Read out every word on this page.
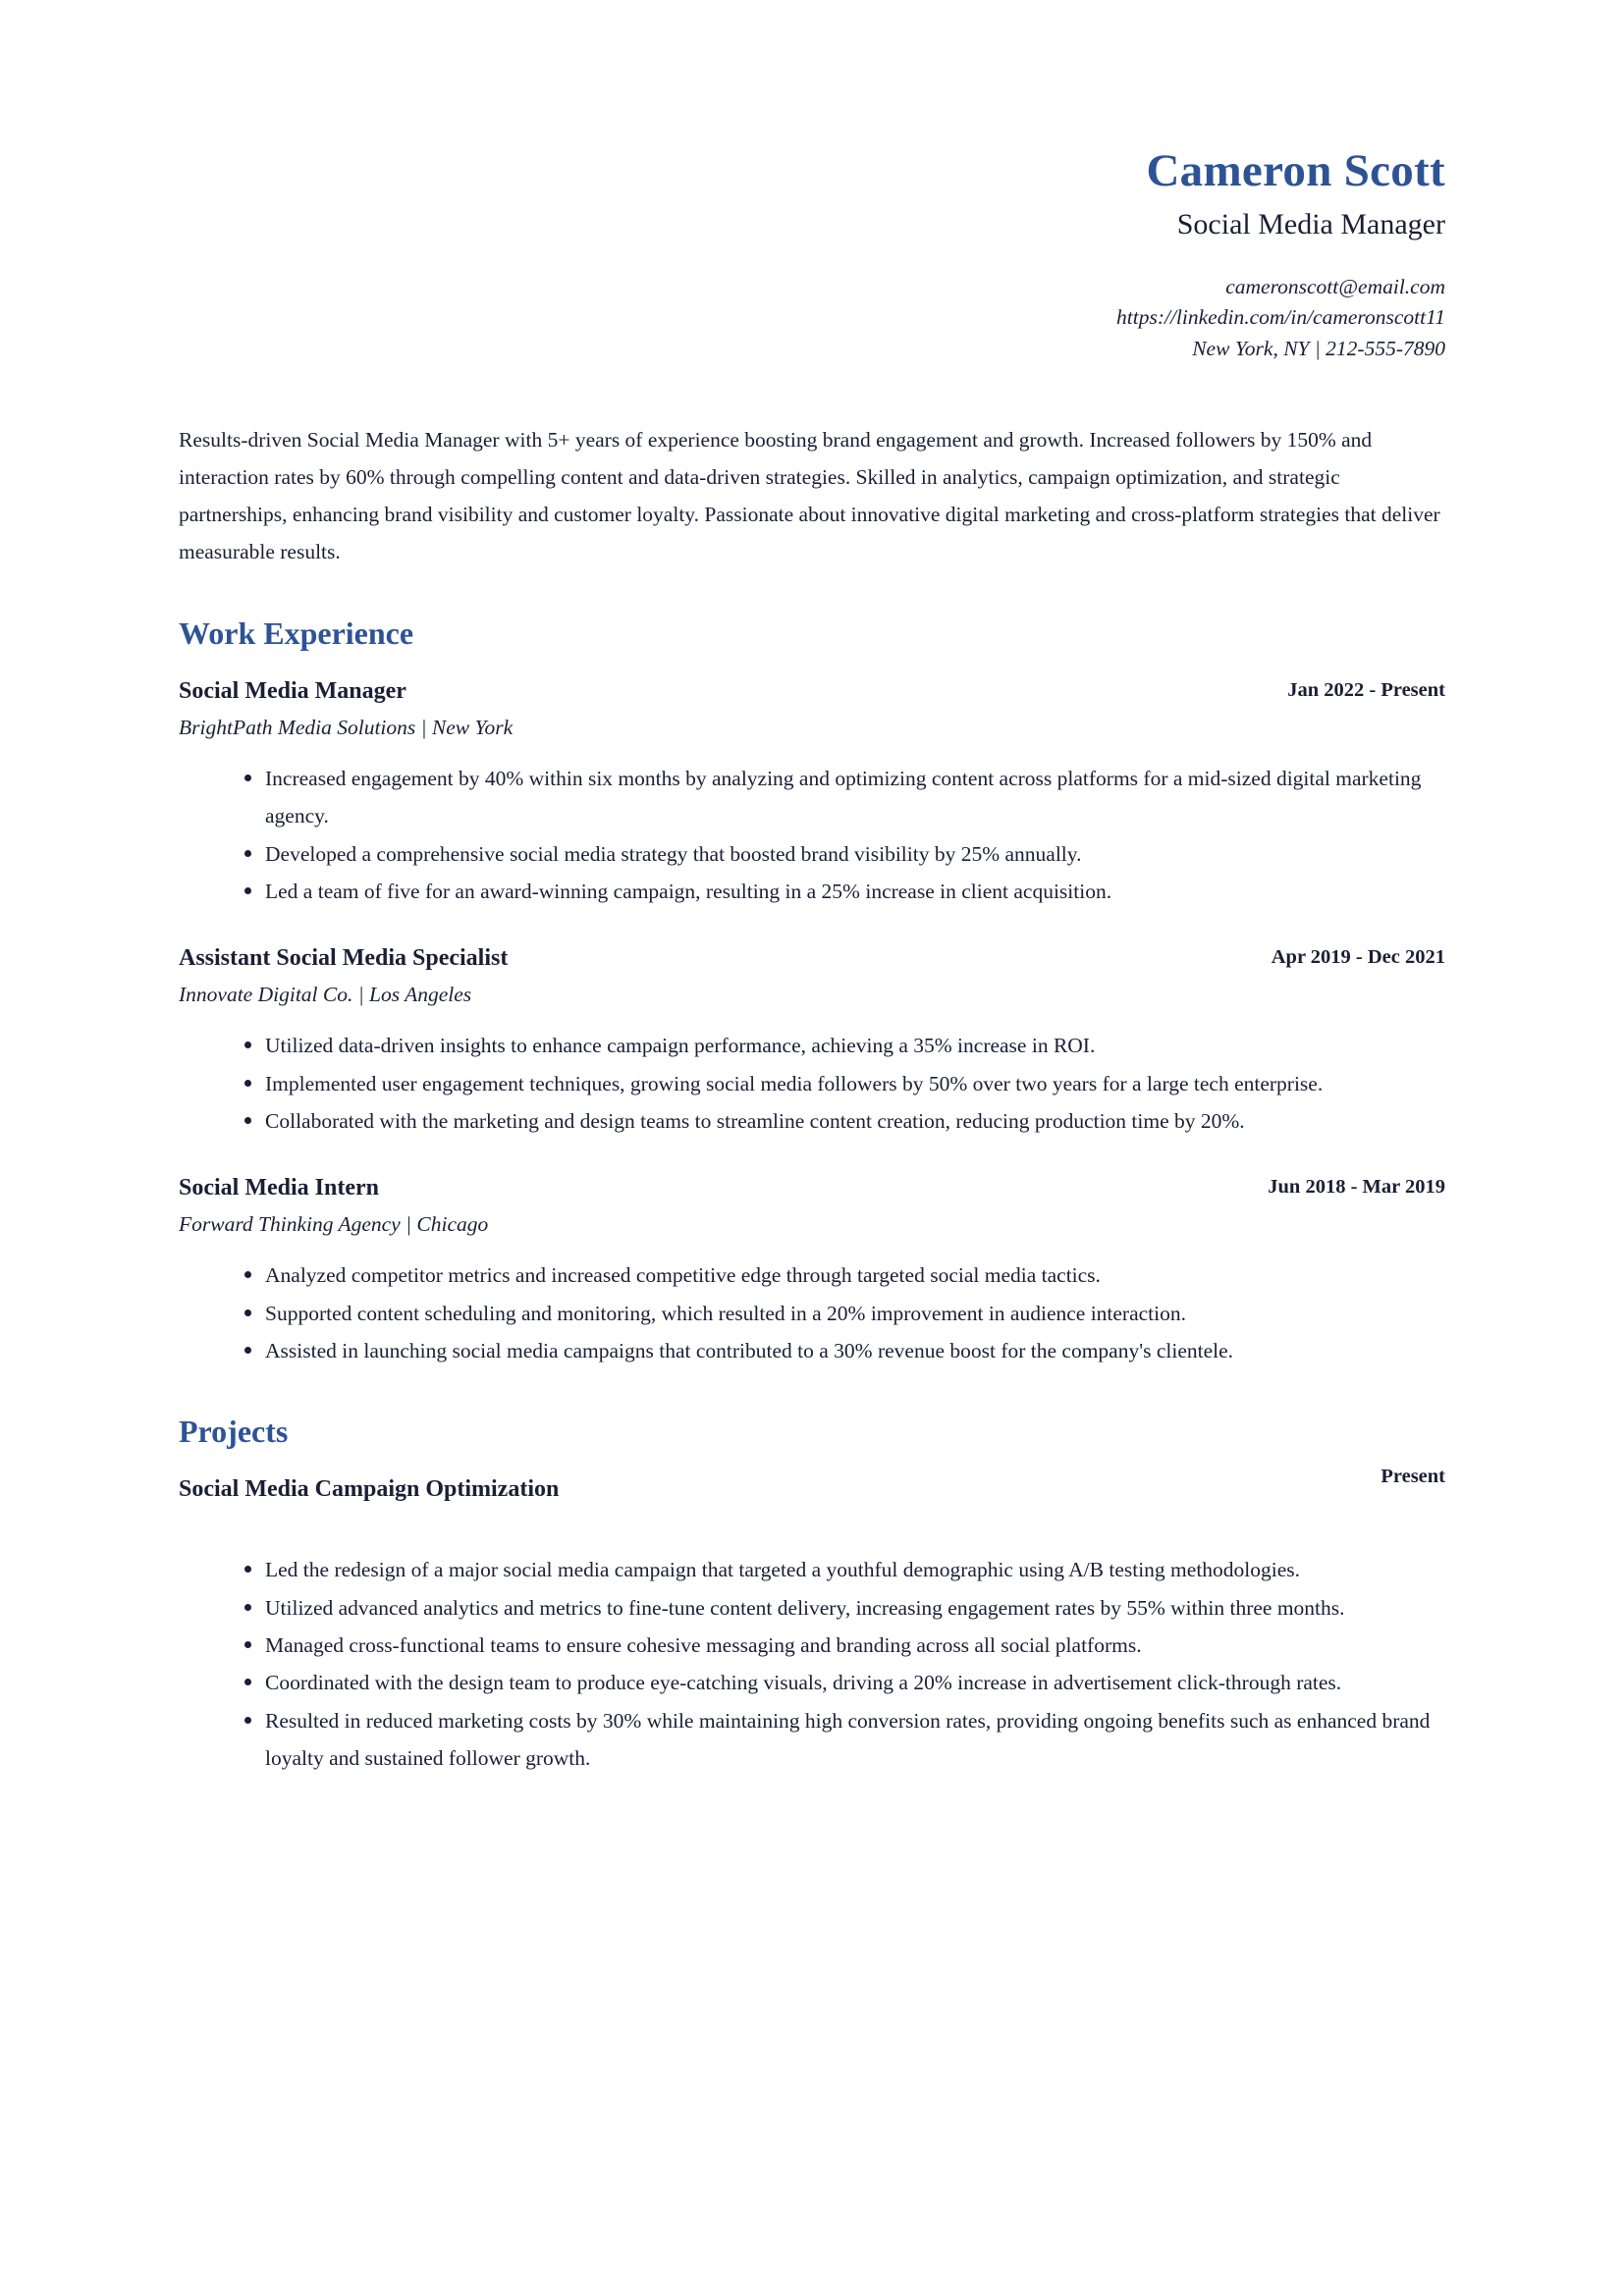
Cameron Scott
Social Media Manager
cameronscott@email.com
https://linkedin.com/in/cameronscott11
New York, NY | 212-555-7890
Results-driven Social Media Manager with 5+ years of experience boosting brand engagement and growth. Increased followers by 150% and interaction rates by 60% through compelling content and data-driven strategies. Skilled in analytics, campaign optimization, and strategic partnerships, enhancing brand visibility and customer loyalty. Passionate about innovative digital marketing and cross-platform strategies that deliver measurable results.
Work Experience
Social Media Manager	Jan 2022 - Present
BrightPath Media Solutions | New York
Increased engagement by 40% within six months by analyzing and optimizing content across platforms for a mid-sized digital marketing agency.
Developed a comprehensive social media strategy that boosted brand visibility by 25% annually.
Led a team of five for an award-winning campaign, resulting in a 25% increase in client acquisition.
Assistant Social Media Specialist	Apr 2019 - Dec 2021
Innovate Digital Co. | Los Angeles
Utilized data-driven insights to enhance campaign performance, achieving a 35% increase in ROI.
Implemented user engagement techniques, growing social media followers by 50% over two years for a large tech enterprise.
Collaborated with the marketing and design teams to streamline content creation, reducing production time by 20%.
Social Media Intern	Jun 2018 - Mar 2019
Forward Thinking Agency | Chicago
Analyzed competitor metrics and increased competitive edge through targeted social media tactics.
Supported content scheduling and monitoring, which resulted in a 20% improvement in audience interaction.
Assisted in launching social media campaigns that contributed to a 30% revenue boost for the company's clientele.
Projects
Social Media Campaign Optimization	Present
Led the redesign of a major social media campaign that targeted a youthful demographic using A/B testing methodologies.
Utilized advanced analytics and metrics to fine-tune content delivery, increasing engagement rates by 55% within three months.
Managed cross-functional teams to ensure cohesive messaging and branding across all social platforms.
Coordinated with the design team to produce eye-catching visuals, driving a 20% increase in advertisement click-through rates.
Resulted in reduced marketing costs by 30% while maintaining high conversion rates, providing ongoing benefits such as enhanced brand loyalty and sustained follower growth.
